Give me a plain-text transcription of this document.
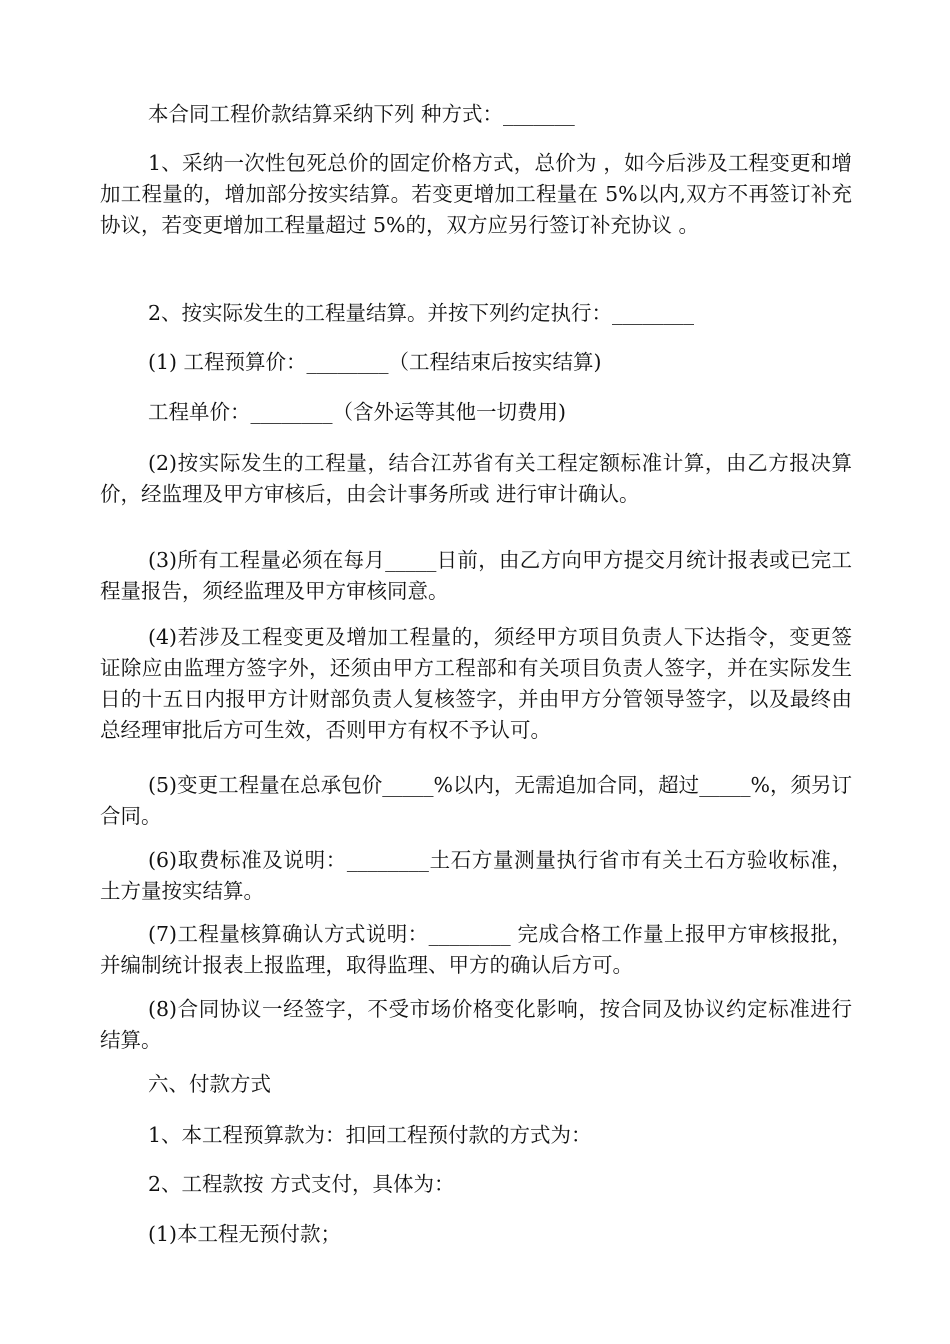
本合同工程价款结算采纳下列 种方式：_______

1、采纳一次性包死总价的固定价格方式，总价为 ，如今后涉及工程变更和增加工程量的，增加部分按实结算。若变更增加工程量在 5%以内,双方不再签订补充协议，若变更增加工程量超过 5%的，双方应另行签订补充协议 。

2、按实际发生的工程量结算。并按下列约定执行：________

(1) 工程预算价：________（工程结束后按实结算)

工程单价：________（含外运等其他一切费用)

(2)按实际发生的工程量，结合江苏省有关工程定额标准计算，由乙方报决算价，经监理及甲方审核后，由会计事务所或 进行审计确认。

(3)所有工程量必须在每月_____日前，由乙方向甲方提交月统计报表或已完工程量报告，须经监理及甲方审核同意。

(4)若涉及工程变更及增加工程量的，须经甲方项目负责人下达指令，变更签证除应由监理方签字外，还须由甲方工程部和有关项目负责人签字，并在实际发生日的十五日内报甲方计财部负责人复核签字，并由甲方分管领导签字，以及最终由总经理审批后方可生效，否则甲方有权不予认可。

(5)变更工程量在总承包价_____%以内，无需追加合同，超过_____%，须另订合同。

(6)取费标准及说明：________土石方量测量执行省市有关土石方验收标准，土方量按实结算。

(7)工程量核算确认方式说明：________ 完成合格工作量上报甲方审核报批，并编制统计报表上报监理，取得监理、甲方的确认后方可。

(8)合同协议一经签字，不受市场价格变化影响，按合同及协议约定标准进行结算。

六、付款方式

1、本工程预算款为：扣回工程预付款的方式为：

2、工程款按 方式支付，具体为：

(1)本工程无预付款；
